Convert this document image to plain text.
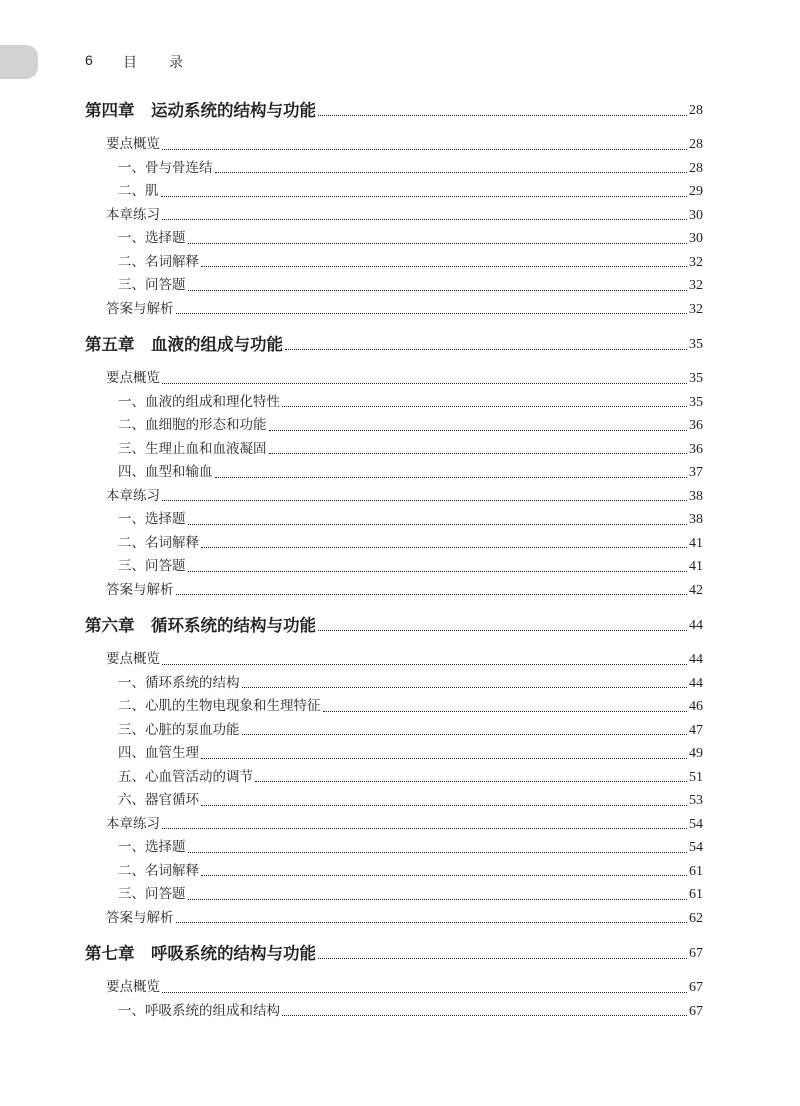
6	目	录
第四章　运动系统的结构与功能	28
要点概览	28
一、骨与骨连结	28
二、肌	29
本章练习	30
一、选择题	30
二、名词解释	32
三、问答题	32
答案与解析	32
第五章　血液的组成与功能	35
要点概览	35
一、血液的组成和理化特性	35
二、血细胞的形态和功能	36
三、生理止血和血液凝固	36
四、血型和输血	37
本章练习	38
一、选择题	38
二、名词解释	41
三、问答题	41
答案与解析	42
第六章　循环系统的结构与功能	44
要点概览	44
一、循环系统的结构	44
二、心肌的生物电现象和生理特征	46
三、心脏的泵血功能	47
四、血管生理	49
五、心血管活动的调节	51
六、器官循环	53
本章练习	54
一、选择题	54
二、名词解释	61
三、问答题	61
答案与解析	62
第七章　呼吸系统的结构与功能	67
要点概览	67
一、呼吸系统的组成和结构	67
